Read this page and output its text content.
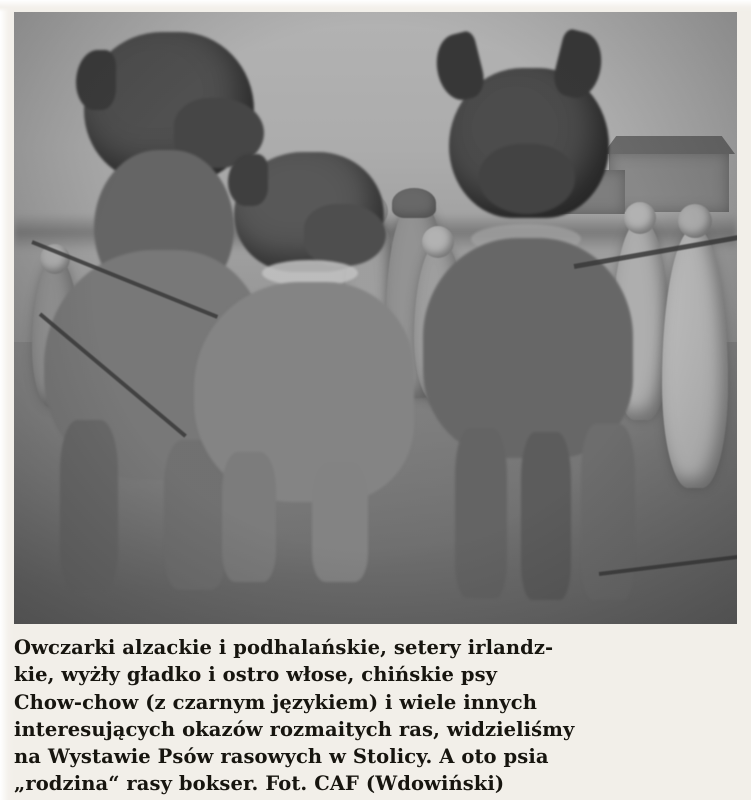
Owczarki alzackie i podhalańskie, setery irlandz-
kie, wyżły gładko i ostro włose, chińskie psy
Chow-chow (z czarnym językiem) i wiele innych
interesujących okazów rozmaitych ras, widzieliśmy
na Wystawie Psów rasowych w Stolicy. A oto psia
„rodzina“ rasy bokser. Fot. CAF (Wdowiński)
